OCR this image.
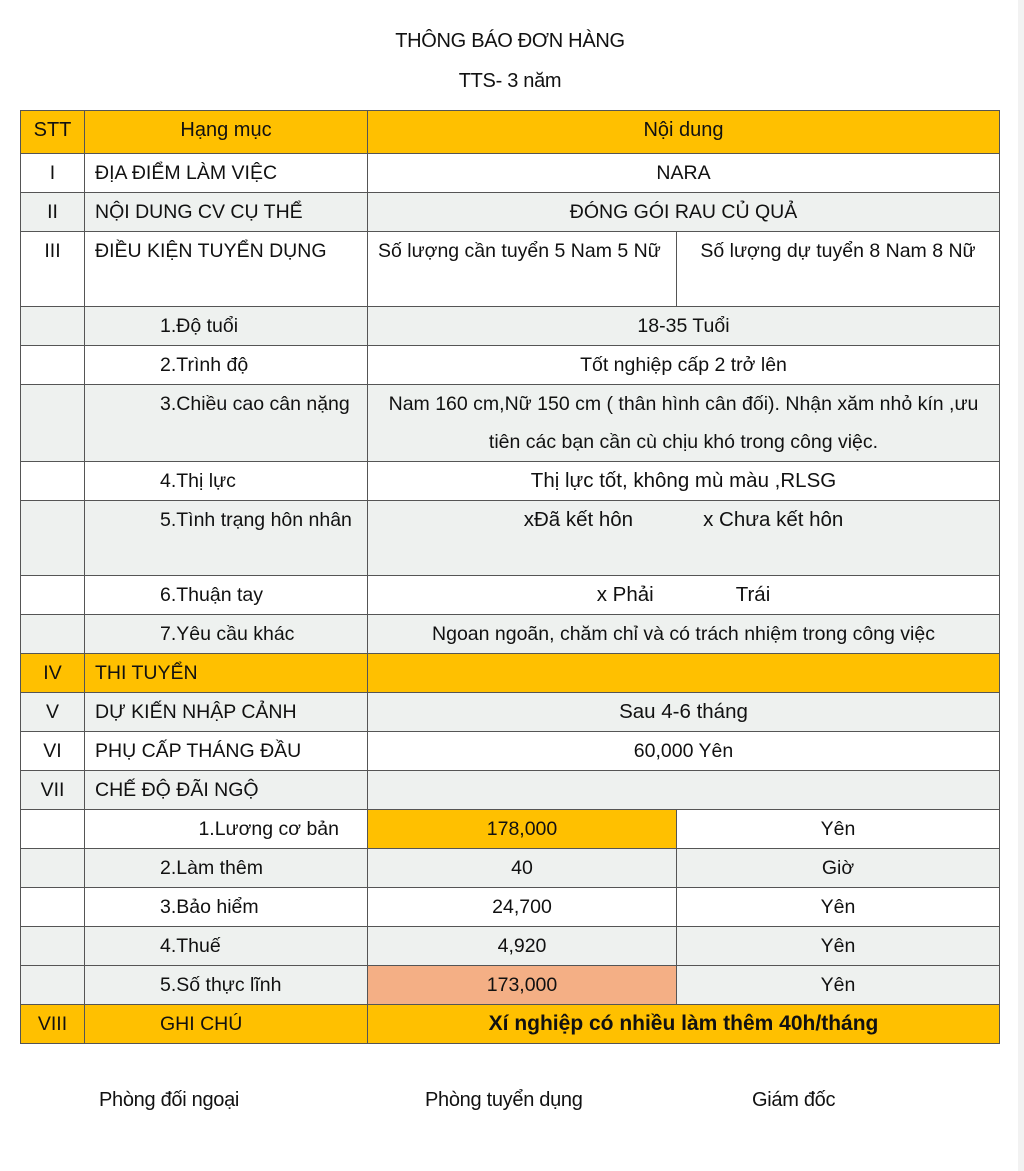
THÔNG BÁO ĐƠN HÀNG
TTS- 3 năm
STT	Hạng mục	Nội dung	
I	ĐỊA ĐIỂM LÀM VIỆC	NARA	
II	NỘI DUNG CV CỤ THỂ	ĐÓNG GÓI RAU CỦ QUẢ	
III	ĐIỀU KIỆN TUYỂN DỤNG	Số lượng cần tuyển 5 Nam 5 Nữ	Số lượng dự tuyển 8 Nam 8 Nữ
	1.Độ tuổi	18-35 Tuổi	
	2.Trình độ	Tốt nghiệp cấp 2 trở lên	
	3.Chiều cao cân nặng	Nam 160 cm,Nữ 150 cm ( thân hình cân đối). Nhận xăm nhỏ kín ,ưu tiên các bạn cần cù chịu khó trong công việc.	
	4.Thị lực	Thị lực tốt, không mù màu ,RLSG	
	5.Tình trạng hôn nhân	xĐã kết hôn x Chưa kết hôn	
	6.Thuận tay	x Phải Trái	
	7.Yêu cầu khác	Ngoan ngoãn, chăm chỉ và có trách nhiệm trong công việc	
IV	THI TUYỂN		
V	DỰ KIẾN NHẬP CẢNH	Sau 4-6 tháng	
VI	PHỤ CẤP THÁNG ĐẦU	60,000 Yên	
VII	CHẾ ĐỘ ĐÃI NGỘ		
	1.Lương cơ bản	178,000	Yên
	2.Làm thêm	40	Giờ
	3.Bảo hiểm	24,700	Yên
	4.Thuế	4,920	Yên
	5.Số thực lĩnh	173,000	Yên
VIII	GHI CHÚ	Xí nghiệp có nhiều làm thêm 40h/tháng	
Phòng đối ngoại	Phòng tuyển dụng	Giám đốc
